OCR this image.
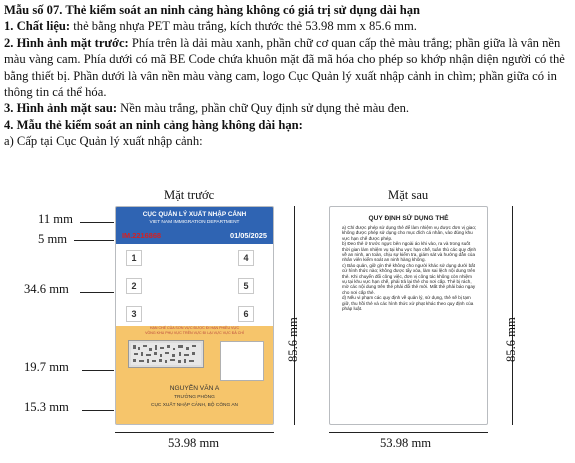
Mẫu số 07. Thẻ kiểm soát an ninh cảng hàng không có giá trị sử dụng dài hạn

1. Chất liệu: thẻ bằng nhựa PET màu trắng, kích thước thẻ 53.98 mm x 85.6 mm.

2. Hình ảnh mặt trước: Phía trên là dải màu xanh, phần chữ cơ quan cấp thẻ màu trắng; phần giữa là vân nền màu vàng cam. Phía dưới có mã BE Code chứa khuôn mặt đã mã hóa cho phép so khớp nhận diện người có thẻ bằng thiết bị. Phần dưới là vân nền màu vàng cam, logo Cục Quản lý xuất nhập cảnh in chìm; phần giữa có in thông tin cá thể hóa.

3. Hình ảnh mặt sau: Nền màu trắng, phần chữ Quy định sử dụng thẻ màu đen.

4. Mẫu thẻ kiểm soát an ninh cảng hàng không dài hạn:

a) Cấp tại Cục Quản lý xuất nhập cảnh:

Mặt trước	Mặt sau
CỤC QUẢN LÝ XUẤT NHẬP CẢNH
VIET NAM IMMIGRATION DEPARTMENT
IM.2216868	01/05/2025
1	4
2	5
3	6
HẠN CHẾ CỦA SƠN VỰC ĐƯỢC ĐI HẠN PHIỀU VỰC
VÒNG KHU PHỤ VỰC TRÊN VỰC ĐI LẠI VỰC VỰC ĐẢ CHỈ
NGUYỄN VĂN A
TRƯỞNG PHÒNG
CỤC XUẤT NHẬP CẢNH, BỘ CÔNG AN
QUY ĐỊNH SỬ DỤNG THẺ
a) Chỉ được phép sử dụng thẻ để làm nhiệm vụ được đơn vị giao; không được phép sử dụng cho mục đích cá nhân, vào đúng khu vực hạn chế được phép.
b) Đeo thẻ ở trước ngực bên ngoài áo khi vào, ra và trong suốt thời gian làm nhiệm vụ tại khu vực hạn chế, tuân thủ các quy định về an ninh, an toàn, chịu sự kiểm tra, giám sát và hướng dẫn của nhân viên kiểm soát an ninh hàng không.
c) Bảo quản, giữ gìn thẻ không cho người khác sử dụng dưới bất cứ hình thức nào; không được tẩy xóa, làm sai lệch nội dung trên thẻ. Khi chuyển đổi công việc, đơn vị công tác không còn nhiệm vụ tại khu vực hạn chế, phải trả lại thẻ cho nơi cấp. Thẻ bị rách, mờ các nội dung trên thẻ phải đổi thẻ mới. Mất thẻ phải báo ngay cho nơi cấp thẻ.
d) Nếu vi phạm các quy định về quản lý, sử dụng, thẻ sẽ bị tạm giữ, thu hồi thẻ và các hình thức xử phạt khác theo quy định của pháp luật.
11 mm
5 mm
34.6 mm
19.7 mm
15.3 mm
85.6 mm	85.6 mm
53.98 mm	53.98 mm
